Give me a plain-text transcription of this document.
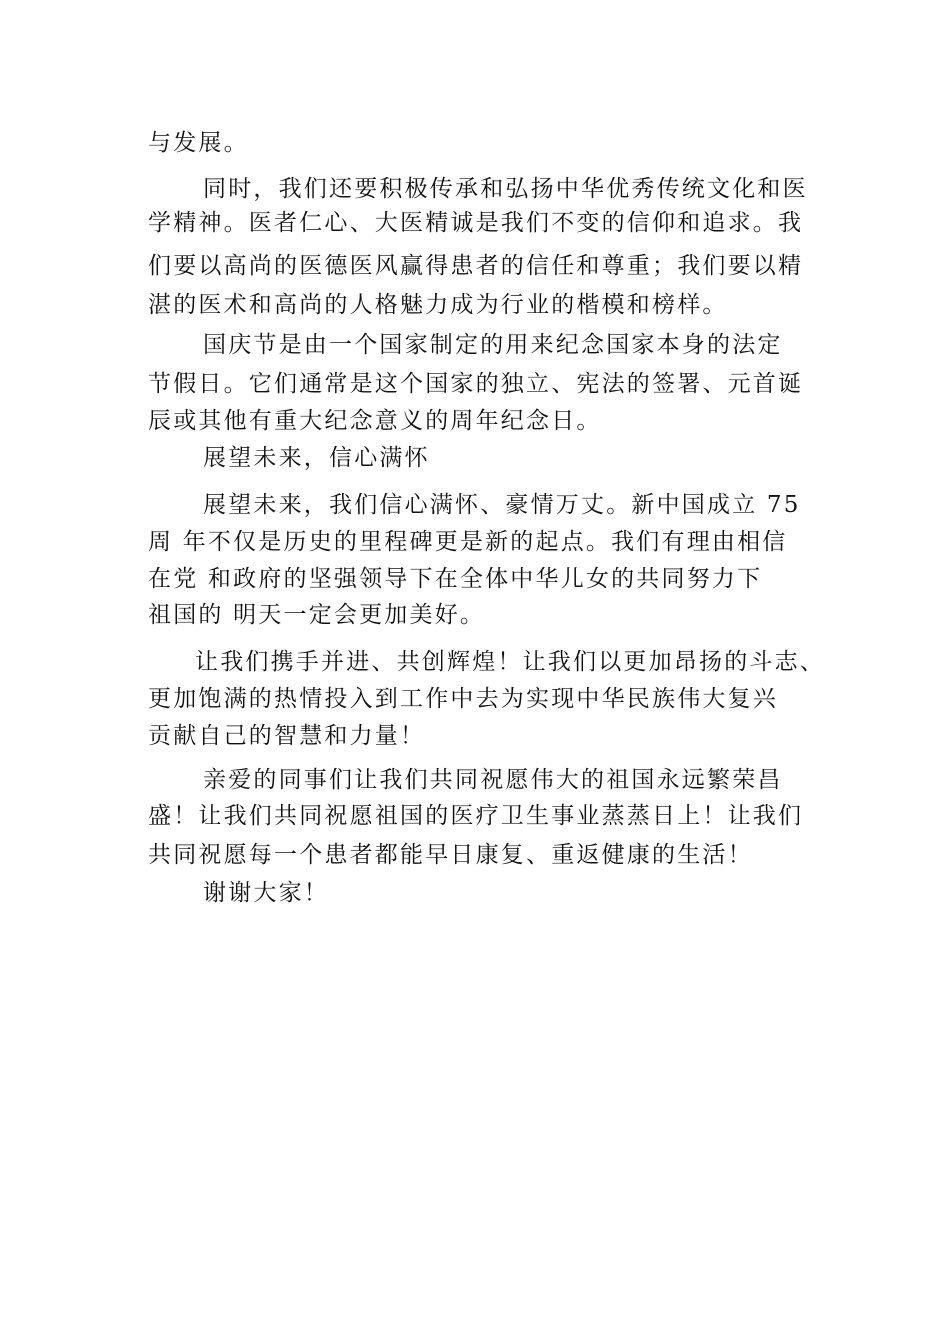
与发展。
同时，我们还要积极传承和弘扬中华优秀传统文化和医
学精神。医者仁心、大医精诚是我们不变的信仰和追求。我
们要以高尚的医德医风赢得患者的信任和尊重；我们要以精
湛的医术和高尚的人格魅力成为行业的楷模和榜样。
国庆节是由一个国家制定的用来纪念国家本身的法定
节假日。它们通常是这个国家的独立、宪法的签署、元首诞
辰或其他有重大纪念意义的周年纪念日。
展望未来，信心满怀
展望未来，我们信心满怀、豪情万丈。新中国成立 75
周 年不仅是历史的里程碑更是新的起点。我们有理由相信
在党 和政府的坚强领导下在全体中华儿女的共同努力下
祖国的 明天一定会更加美好。
让我们携手并进、共创辉煌！让我们以更加昂扬的斗志、
更加饱满的热情投入到工作中去为实现中华民族伟大复兴
贡献自己的智慧和力量！
亲爱的同事们让我们共同祝愿伟大的祖国永远繁荣昌
盛！让我们共同祝愿祖国的医疗卫生事业蒸蒸日上！让我们
共同祝愿每一个患者都能早日康复、重返健康的生活！
谢谢大家！
